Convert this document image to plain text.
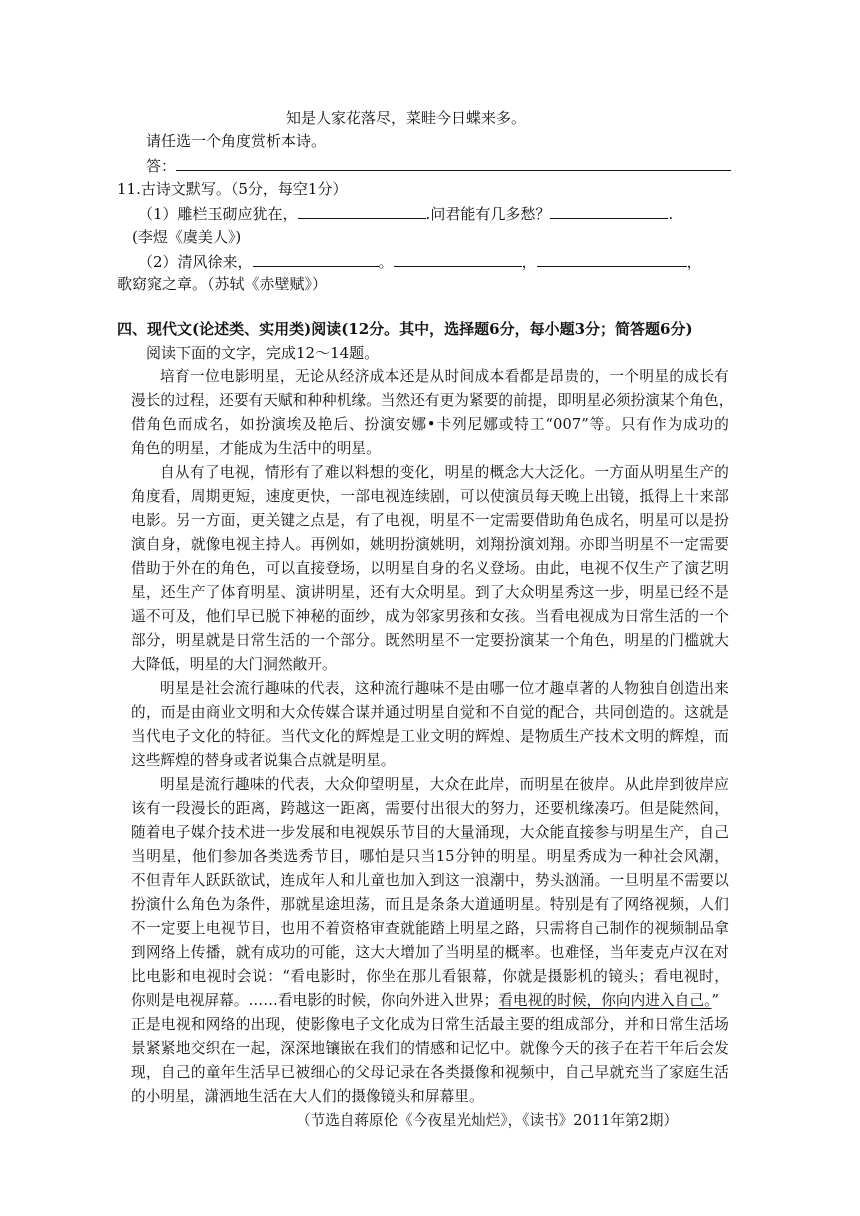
知是人家花落尽，菜畦今日蝶来多。
请任选一个角度赏析本诗。
答：
11.古诗文默写。（5分，每空1分）
（1）雕栏玉砌应犹在，	.问君能有几多愁？	.
(李煜《虞美人》)
（2）清风徐来，	。	，	，
歌窈窕之章。（苏轼《赤壁赋》）
四、现代文(论述类、实用类)阅读(12分。其中，选择题6分，每小题3分；简答题6分)
阅读下面的文字，完成12～14题。
培育一位电影明星，无论从经济成本还是从时间成本看都是昂贵的，一个明星的成长有
漫长的过程，还要有天赋和种种机缘。当然还有更为紧要的前提，即明星必须扮演某个角色，
借角色而成名，如扮演埃及艳后、扮演安娜•卡列尼娜或特工“007”等。只有作为成功的
角色的明星，才能成为生活中的明星。
自从有了电视，情形有了难以料想的变化，明星的概念大大泛化。一方面从明星生产的
角度看，周期更短，速度更快，一部电视连续剧，可以使演员每天晚上出镜，抵得上十来部
电影。另一方面，更关键之点是，有了电视，明星不一定需要借助角色成名，明星可以是扮
演自身，就像电视主持人。再例如，姚明扮演姚明，刘翔扮演刘翔。亦即当明星不一定需要
借助于外在的角色，可以直接登场，以明星自身的名义登场。由此，电视不仅生产了演艺明
星，还生产了体育明星、演讲明星，还有大众明星。到了大众明星秀这一步，明星已经不是
遥不可及，他们早已脱下神秘的面纱，成为邻家男孩和女孩。当看电视成为日常生活的一个
部分，明星就是日常生活的一个部分。既然明星不一定要扮演某一个角色，明星的门槛就大
大降低，明星的大门洞然敞开。
明星是社会流行趣味的代表，这种流行趣味不是由哪一位才趣卓著的人物独自创造出来
的，而是由商业文明和大众传媒合谋并通过明星自觉和不自觉的配合，共同创造的。这就是
当代电子文化的特征。当代文化的辉煌是工业文明的辉煌、是物质生产技术文明的辉煌，而
这些辉煌的替身或者说集合点就是明星。
明星是流行趣味的代表，大众仰望明星，大众在此岸，而明星在彼岸。从此岸到彼岸应
该有一段漫长的距离，跨越这一距离，需要付出很大的努力，还要机缘凑巧。但是陡然间，
随着电子媒介技术进一步发展和电视娱乐节目的大量涌现，大众能直接参与明星生产，自己
当明星，他们参加各类选秀节目，哪怕是只当15分钟的明星。明星秀成为一种社会风潮，
不但青年人跃跃欲试，连成年人和儿童也加入到这一浪潮中，势头汹涌。一旦明星不需要以
扮演什么角色为条件，那就星途坦荡，而且是条条大道通明星。特别是有了网络视频，人们
不一定要上电视节目，也用不着资格审查就能踏上明星之路，只需将自己制作的视频制品拿
到网络上传播，就有成功的可能，这大大增加了当明星的概率。也难怪，当年麦克卢汉在对
比电影和电视时会说：“看电影时，你坐在那儿看银幕，你就是摄影机的镜头；看电视时，
你则是电视屏幕。……看电影的时候，你向外进入世界；看电视的时候，你向内进入自己。”
正是电视和网络的出现，使影像电子文化成为日常生活最主要的组成部分，并和日常生活场
景紧紧地交织在一起，深深地镶嵌在我们的情感和记忆中。就像今天的孩子在若干年后会发
现，自己的童年生活早已被细心的父母记录在各类摄像和视频中，自己早就充当了家庭生活
的小明星，潇洒地生活在大人们的摄像镜头和屏幕里。
（节选自蒋原伦《今夜星光灿烂》，《读书》2011年第2期）
